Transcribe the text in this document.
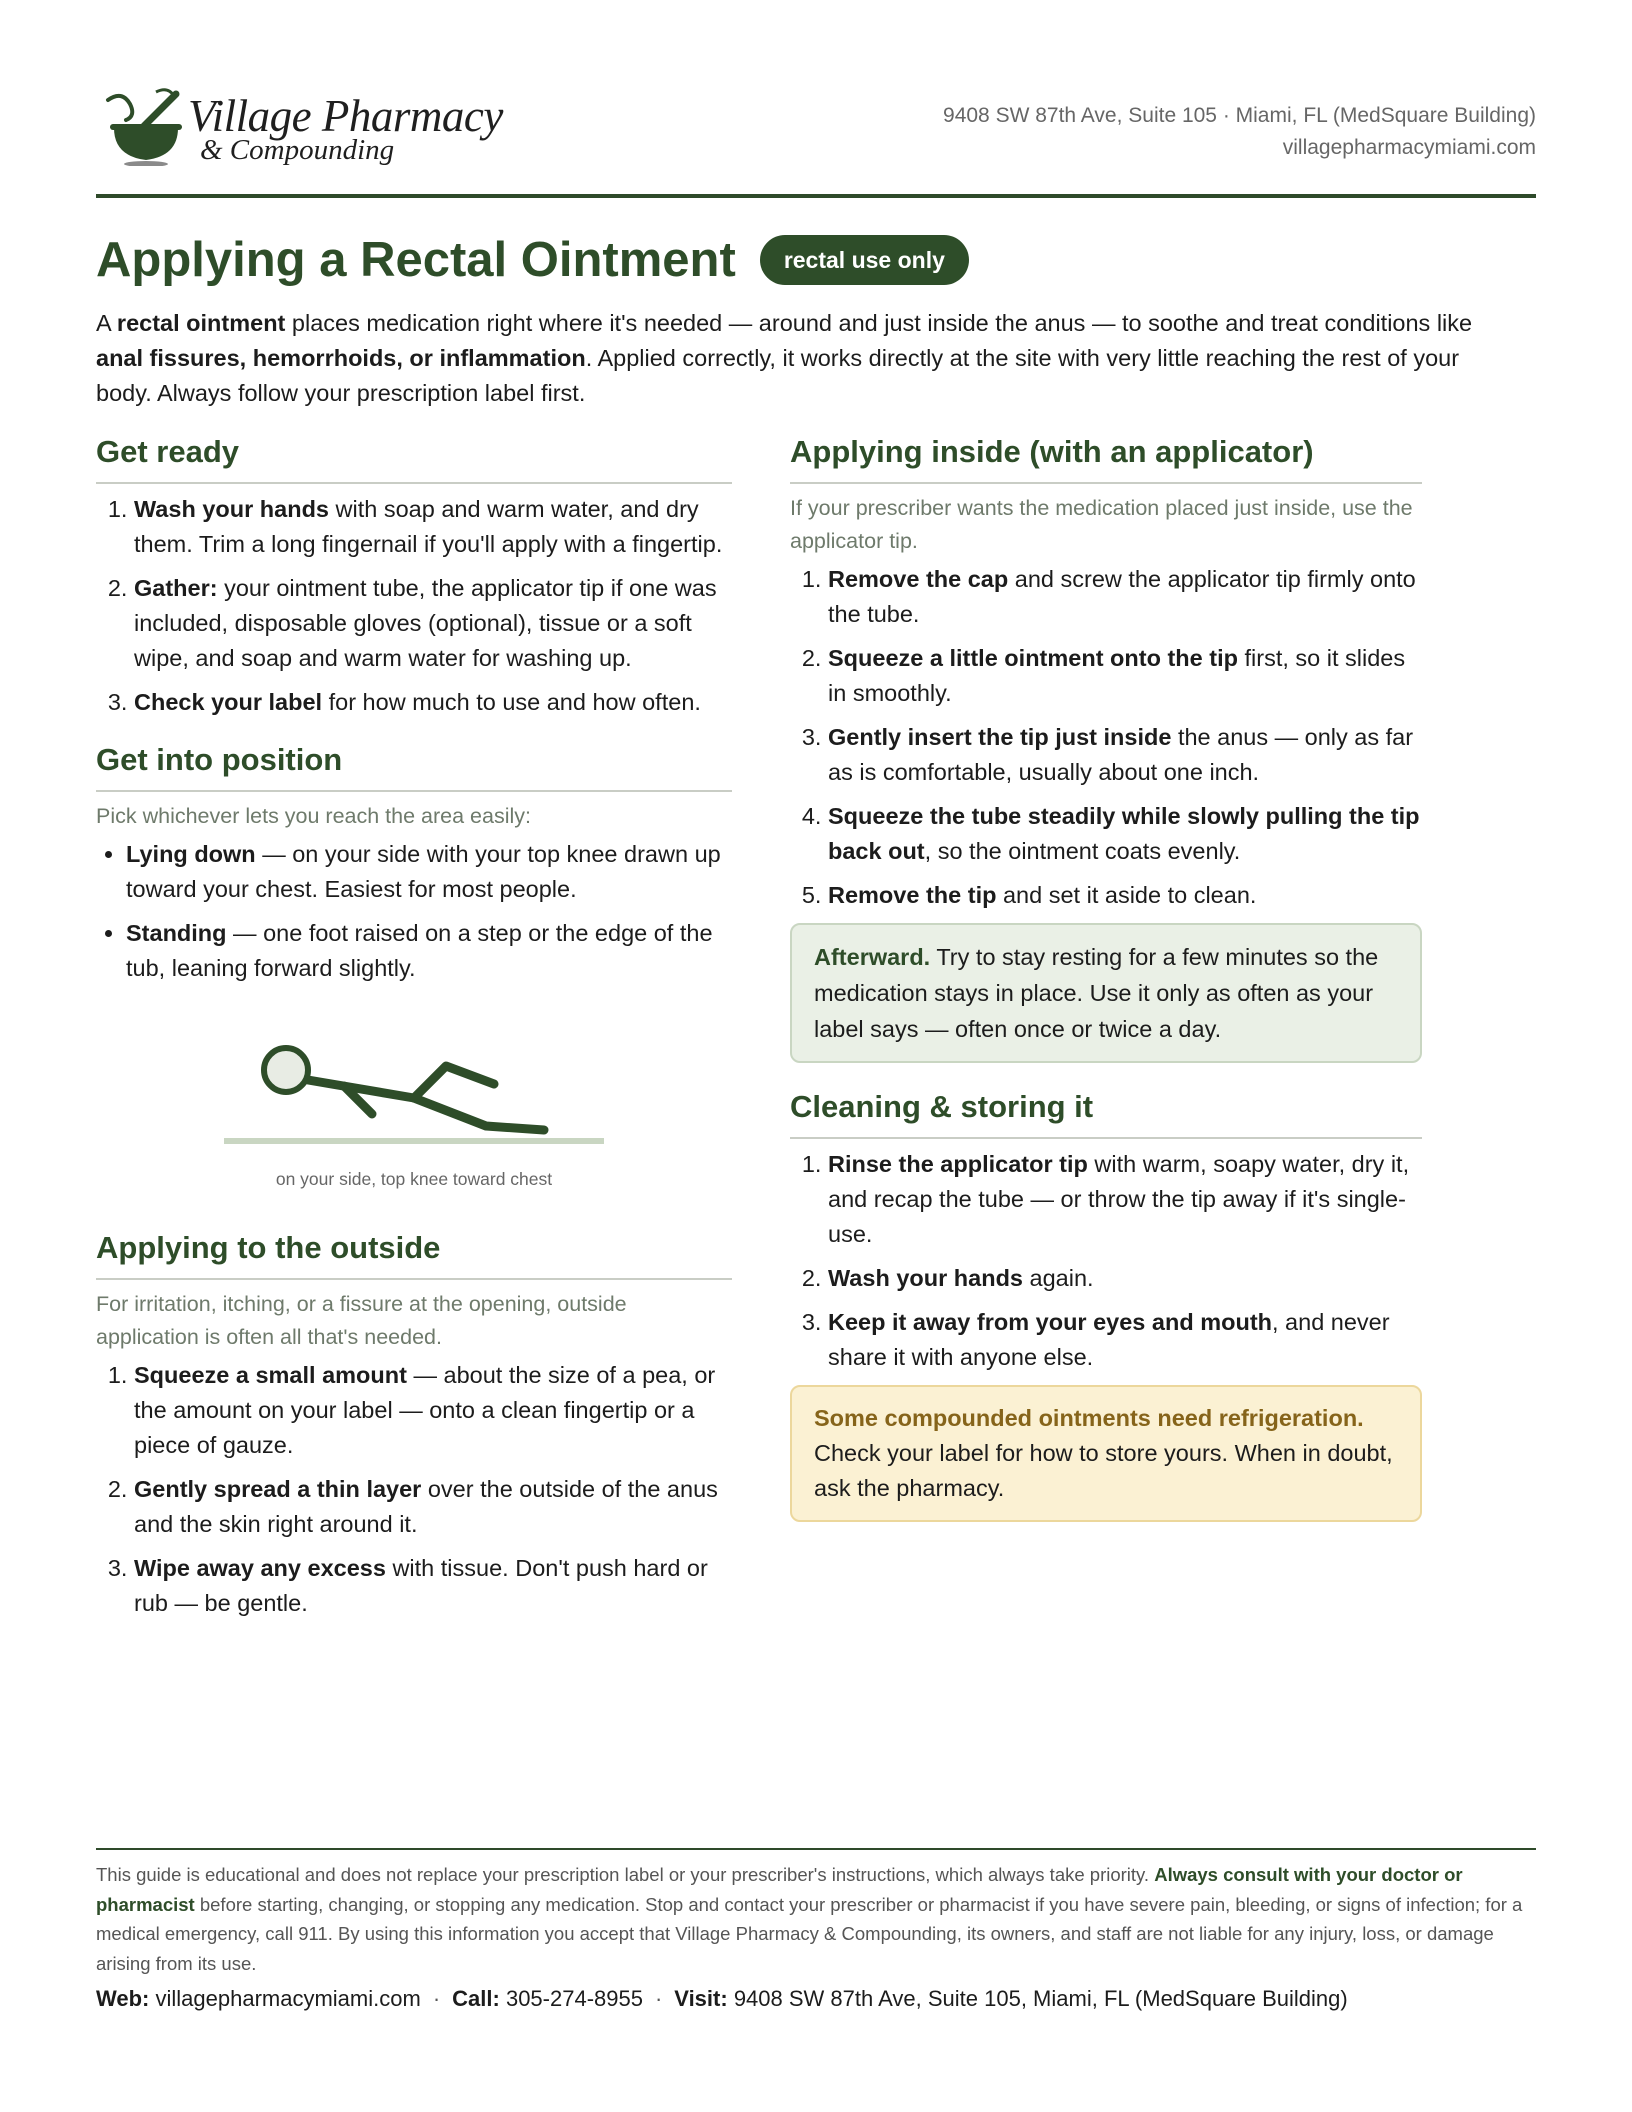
Village Pharmacy
& Compounding
9408 SW 87th Ave, Suite 105 · Miami, FL (MedSquare Building)
villagepharmacymiami.com
Applying a Rectal Ointment	rectal use only
A rectal ointment places medication right where it's needed — around and just inside the anus — to soothe and treat conditions like anal fissures, hemorrhoids, or inflammation. Applied correctly, it works directly at the site with very little reaching the rest of your body. Always follow your prescription label first.
Get ready
1. Wash your hands with soap and warm water, and dry them. Trim a long fingernail if you'll apply with a fingertip.
2. Gather: your ointment tube, the applicator tip if one was included, disposable gloves (optional), tissue or a soft wipe, and soap and warm water for washing up.
3. Check your label for how much to use and how often.
Get into position
Pick whichever lets you reach the area easily:
• Lying down — on your side with your top knee drawn up toward your chest. Easiest for most people.
• Standing — one foot raised on a step or the edge of the tub, leaning forward slightly.
on your side, top knee toward chest
Applying to the outside
For irritation, itching, or a fissure at the opening, outside application is often all that's needed.
1. Squeeze a small amount — about the size of a pea, or the amount on your label — onto a clean fingertip or a piece of gauze.
2. Gently spread a thin layer over the outside of the anus and the skin right around it.
3. Wipe away any excess with tissue. Don't push hard or rub — be gentle.
Applying inside (with an applicator)
If your prescriber wants the medication placed just inside, use the applicator tip.
1. Remove the cap and screw the applicator tip firmly onto the tube.
2. Squeeze a little ointment onto the tip first, so it slides in smoothly.
3. Gently insert the tip just inside the anus — only as far as is comfortable, usually about one inch.
4. Squeeze the tube steadily while slowly pulling the tip back out, so the ointment coats evenly.
5. Remove the tip and set it aside to clean.
Afterward. Try to stay resting for a few minutes so the medication stays in place. Use it only as often as your label says — often once or twice a day.
Cleaning & storing it
1. Rinse the applicator tip with warm, soapy water, dry it, and recap the tube — or throw the tip away if it's single-use.
2. Wash your hands again.
3. Keep it away from your eyes and mouth, and never share it with anyone else.
Some compounded ointments need refrigeration.
Check your label for how to store yours. When in doubt, ask the pharmacy.
This guide is educational and does not replace your prescription label or your prescriber's instructions, which always take priority. Always consult with your doctor or pharmacist before starting, changing, or stopping any medication. Stop and contact your prescriber or pharmacist if you have severe pain, bleeding, or signs of infection; for a medical emergency, call 911. By using this information you accept that Village Pharmacy & Compounding, its owners, and staff are not liable for any injury, loss, or damage arising from its use.
Web: villagepharmacymiami.com · Call: 305-274-8955 · Visit: 9408 SW 87th Ave, Suite 105, Miami, FL (MedSquare Building)
